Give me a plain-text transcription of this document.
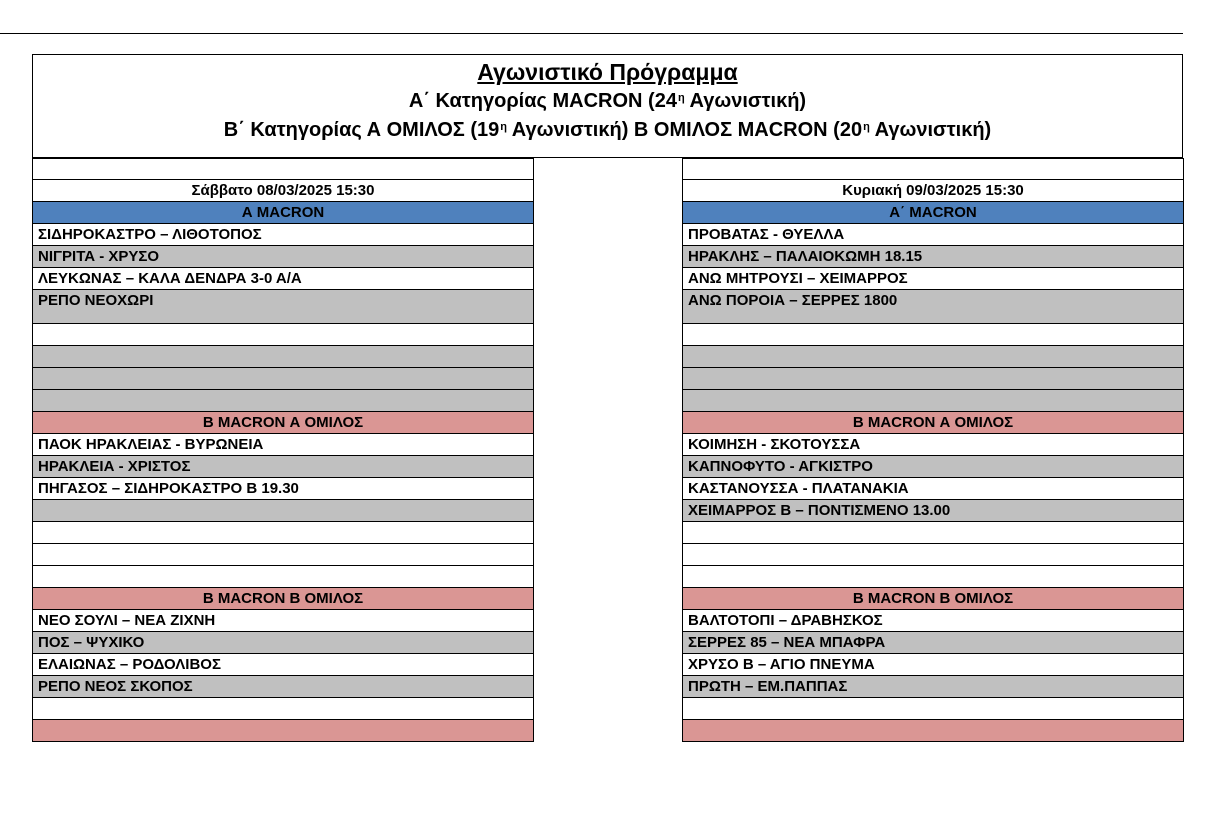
Αγωνιστικό Πρόγραμμα
Α΄ Κατηγορίας MACRON ($24^\eta$ Αγωνιστική)
Β΄ Κατηγορίας Α ΟΜΙΛΟΣ ($19^\eta$ Αγωνιστική) Β ΟΜΙΛΟΣ MACRON ($20^\eta$ Αγωνιστική)
Σάββατο 08/03/2025 15:30
Α MACRON
ΣΙΔΗΡΟΚΑΣΤΡΟ – ΛΙΘΟΤΟΠΟΣ
ΝΙΓΡΙΤΑ - ΧΡΥΣΟ
ΛΕΥΚΩΝΑΣ – ΚΑΛΑ ΔΕΝΔΡΑ 3-0 Α/Α
ΡΕΠΟ ΝΕΟΧΩΡΙ
Β MACRON Α ΟΜΙΛΟΣ
ΠΑΟΚ ΗΡΑΚΛΕΙΑΣ - ΒΥΡΩΝΕΙΑ
ΗΡΑΚΛΕΙΑ - ΧΡΙΣΤΟΣ
ΠΗΓΑΣΟΣ – ΣΙΔΗΡΟΚΑΣΤΡΟ Β 19.30
Β MACRON Β ΟΜΙΛΟΣ
ΝΕΟ ΣΟΥΛΙ – ΝΕΑ ΖΙΧΝΗ
ΠΟΣ – ΨΥΧΙΚΟ
ΕΛΑΙΩΝΑΣ – ΡΟΔΟΛΙΒΟΣ
ΡΕΠΟ ΝΕΟΣ ΣΚΟΠΟΣ
Κυριακή 09/03/2025 15:30
Α΄ MACRON
ΠΡΟΒΑΤΑΣ - ΘΥΕΛΛΑ
ΗΡΑΚΛΗΣ – ΠΑΛΑΙΟΚΩΜΗ 18.15
ΑΝΩ ΜΗΤΡΟΥΣΙ – ΧΕΙΜΑΡΡΟΣ
ΑΝΩ ΠΟΡΟΙΑ – ΣΕΡΡΕΣ 1800
Β MACRON Α ΟΜΙΛΟΣ
ΚΟΙΜΗΣΗ - ΣΚΟΤΟΥΣΣΑ
ΚΑΠΝΟΦΥΤΟ - ΑΓΚΙΣΤΡΟ
ΚΑΣΤΑΝΟΥΣΣΑ - ΠΛΑΤΑΝΑΚΙΑ
ΧΕΙΜΑΡΡΟΣ Β – ΠΟΝΤΙΣΜΕΝΟ 13.00
Β MACRON Β ΟΜΙΛΟΣ
ΒΑΛΤΟΤΟΠΙ – ΔΡΑΒΗΣΚΟΣ
ΣΕΡΡΕΣ 85 – ΝΕΑ ΜΠΑΦΡΑ
ΧΡΥΣΟ Β – ΑΓΙΟ ΠΝΕΥΜΑ
ΠΡΩΤΗ – ΕΜ.ΠΑΠΠΑΣ
